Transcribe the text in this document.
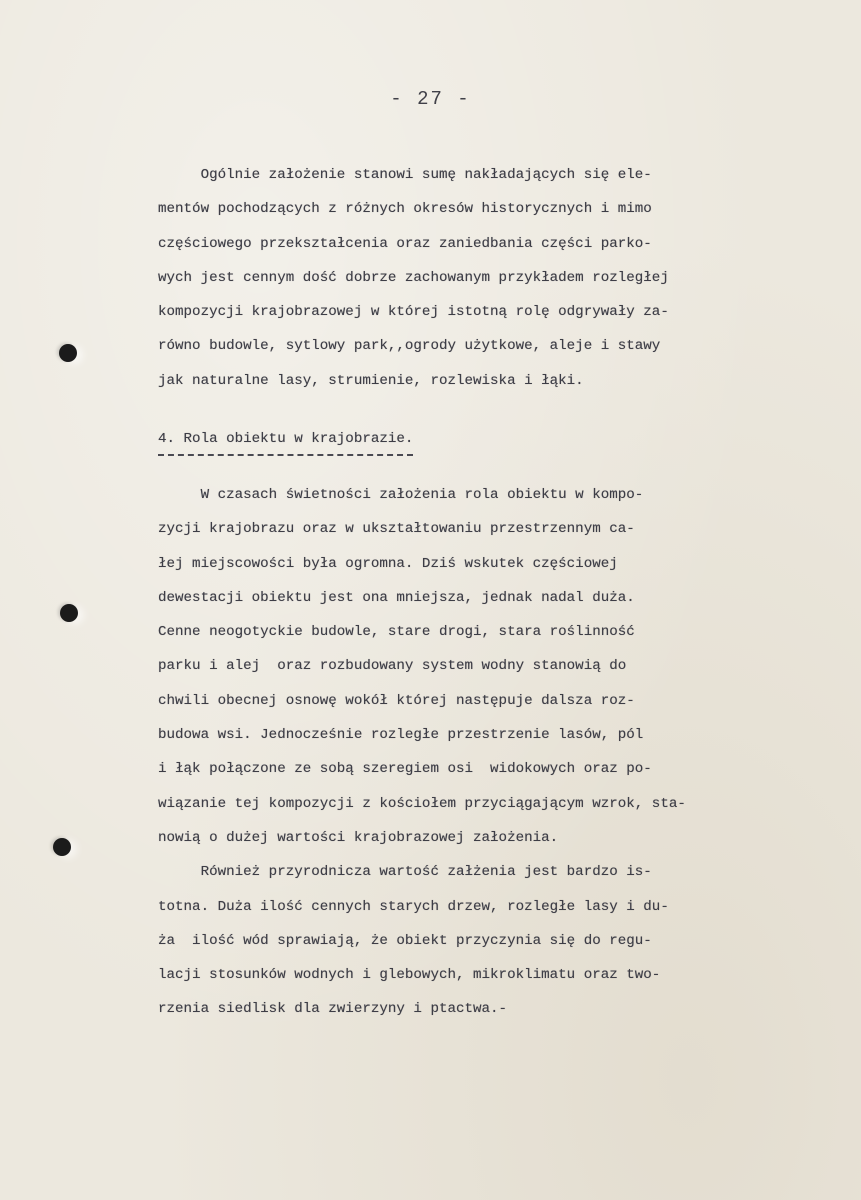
- 27 -
Ogólnie założenie stanowi sumę nakładających się ele-
mentów pochodzących z różnych okresów historycznych i mimo
częściowego przekształcenia oraz zaniedbania części parko-
wych jest cennym dość dobrze zachowanym przykładem rozległej
kompozycji krajobrazowej w której istotną rolę odgrywały za-
równo budowle, sytlowy park,,ogrody użytkowe, aleje i stawy
jak naturalne lasy, strumienie, rozlewiska i łąki.
4. Rola obiektu w krajobrazie.
W czasach świetności założenia rola obiektu w kompo-
zycji krajobrazu oraz w ukształtowaniu przestrzennym ca-
łej miejscowości była ogromna. Dziś wskutek częściowej
dewestacji obiektu jest ona mniejsza, jednak nadal duża.
Cenne neogotyckie budowle, stare drogi, stara roślinność
parku i alej  oraz rozbudowany system wodny stanowią do
chwili obecnej osnowę wokół której następuje dalsza roz-
budowa wsi. Jednocześnie rozległe przestrzenie lasów, pól
i łąk połączone ze sobą szeregiem osi  widokowych oraz po-
wiązanie tej kompozycji z kościołem przyciągającym wzrok, sta-
nowią o dużej wartości krajobrazowej założenia.
Również przyrodnicza wartość załżenia jest bardzo is-
totna. Duża ilość cennych starych drzew, rozległe lasy i du-
ża  ilość wód sprawiają, że obiekt przyczynia się do regu-
lacji stosunków wodnych i glebowych, mikroklimatu oraz two-
rzenia siedlisk dla zwierzyny i ptactwa.-
